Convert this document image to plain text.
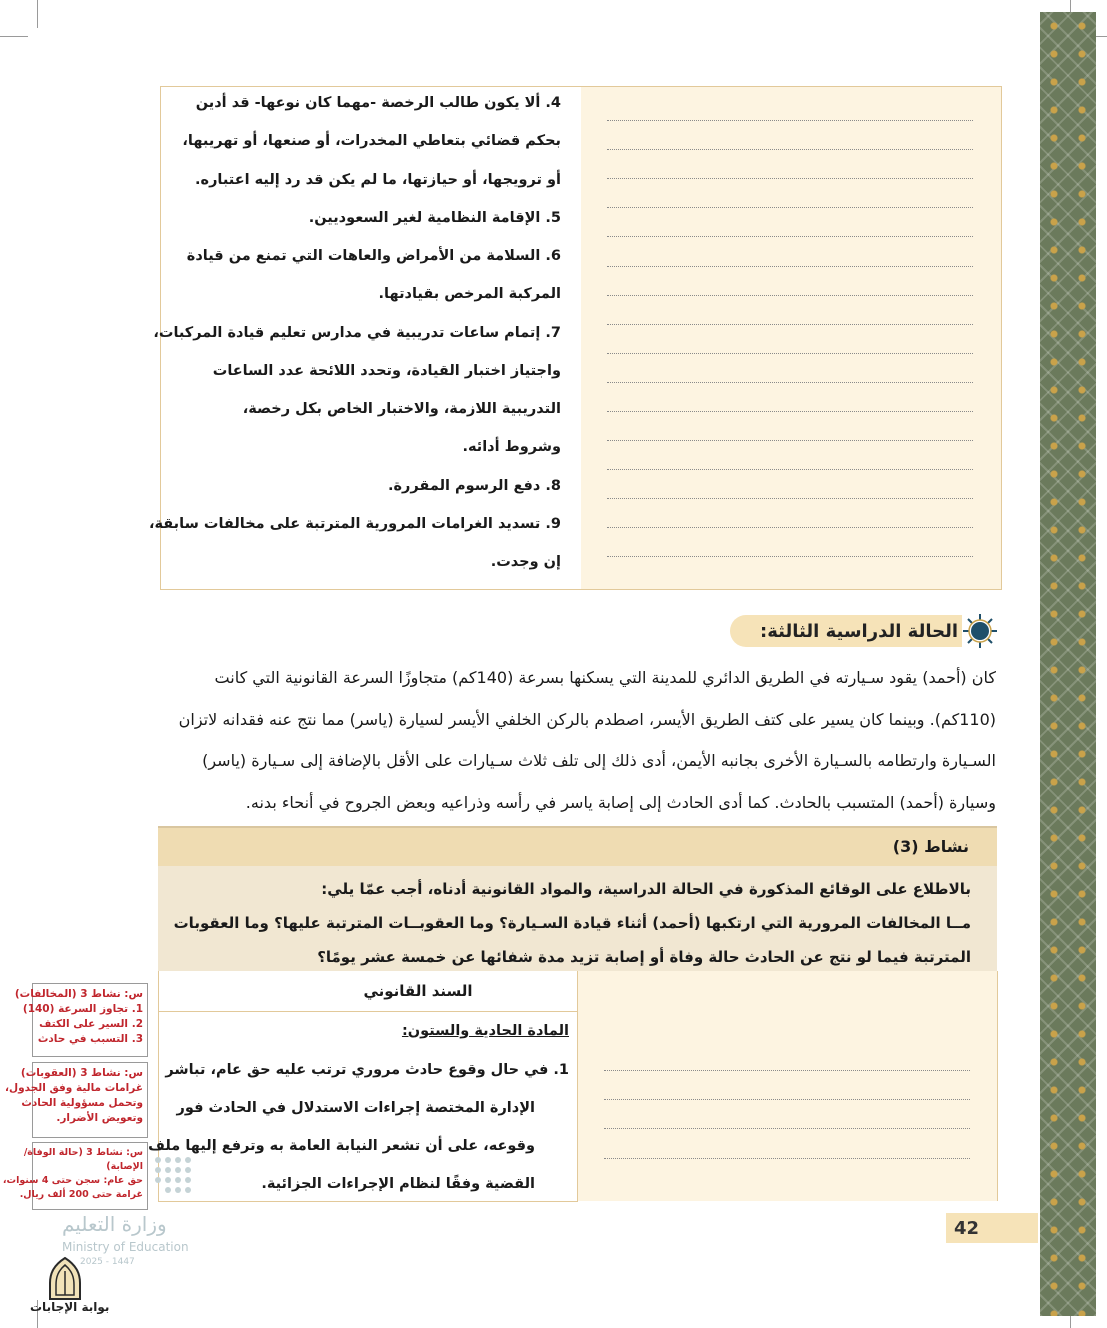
4. ألا يكون طالب الرخصة -مهما كان نوعها- قد أدين
بحكم قضائي بتعاطي المخدرات، أو صنعها، أو تهريبها،
أو ترويجها، أو حيازتها، ما لم يكن قد رد إليه اعتباره.
5. الإقامة النظامية لغير السعوديين.
6. السلامة من الأمراض والعاهات التي تمنع من قيادة
المركبة المرخص بقيادتها.
7. إتمام ساعات تدريبية في مدارس تعليم قيادة المركبات،
واجتياز اختبار القيادة، وتحدد اللائحة عدد الساعات
التدريبية اللازمة، والاختبار الخاص بكل رخصة،
وشروط أدائه.
8. دفع الرسوم المقررة.
9. تسديد الغرامات المرورية المترتبة على مخالفات سابقة،
إن وجدت.
الحالة الدراسية الثالثة:
كان (أحمد) يقود سـيارته في الطريق الدائري للمدينة التي يسكنها بسرعة (140كم) متجاوزًا السرعة القانونية التي كانت
(110كم). وبينما كان يسير على كتف الطريق الأيسر، اصطدم بالركن الخلفي الأيسر لسيارة (ياسر) مما نتج عنه فقدانه لاتزان
السـيارة وارتطامه بالسـيارة الأخرى بجانبه الأيمن، أدى ذلك إلى تلف ثلاث سـيارات على الأقل بالإضافة إلى سـيارة (ياسر)
وسيارة (أحمد) المتسبب بالحادث. كما أدى الحادث إلى إصابة ياسر في رأسه وذراعيه وبعض الجروح في أنحاء بدنه.
نشاط (3)
بالاطلاع على الوقائع المذكورة في الحالة الدراسية، والمواد القانونية أدناه، أجب عمّا يلي:
مــا المخالفات المرورية التي ارتكبها (أحمد) أثناء قيادة السـيارة؟ وما العقوبــات المترتبة عليها؟ وما العقوبات
المترتبة فيما لو نتج عن الحادث حالة وفاة أو إصابة تزيد مدة شفائها عن خمسة عشر يومًا؟
السند القانوني
المادة الحادية والستون:
1. في حال وقوع حادث مروري ترتب عليه حق عام، تباشر
الإدارة المختصة إجراءات الاستدلال في الحادث فور
وقوعه، على أن تشعر النيابة العامة به وترفع إليها ملف
القضية وفقًا لنظام الإجراءات الجزائية.
س: نشاط 3 (المخالفات)
1. تجاوز السرعة (140)
2. السير على الكتف
3. التسبب في حادث
س: نشاط 3 (العقوبات)
غرامات مالية وفق الجدول،
وتحمل مسؤولية الحادث
وتعويض الأضرار.
س: نشاط 3 (حالة الوفاة/
الإصابة)
حق عام: سجن حتى 4 سنوات،
غرامة حتى 200 ألف ريال.
وزارة التعليم
Ministry of Education
2025 - 1447
42
بوابة الإجابات
